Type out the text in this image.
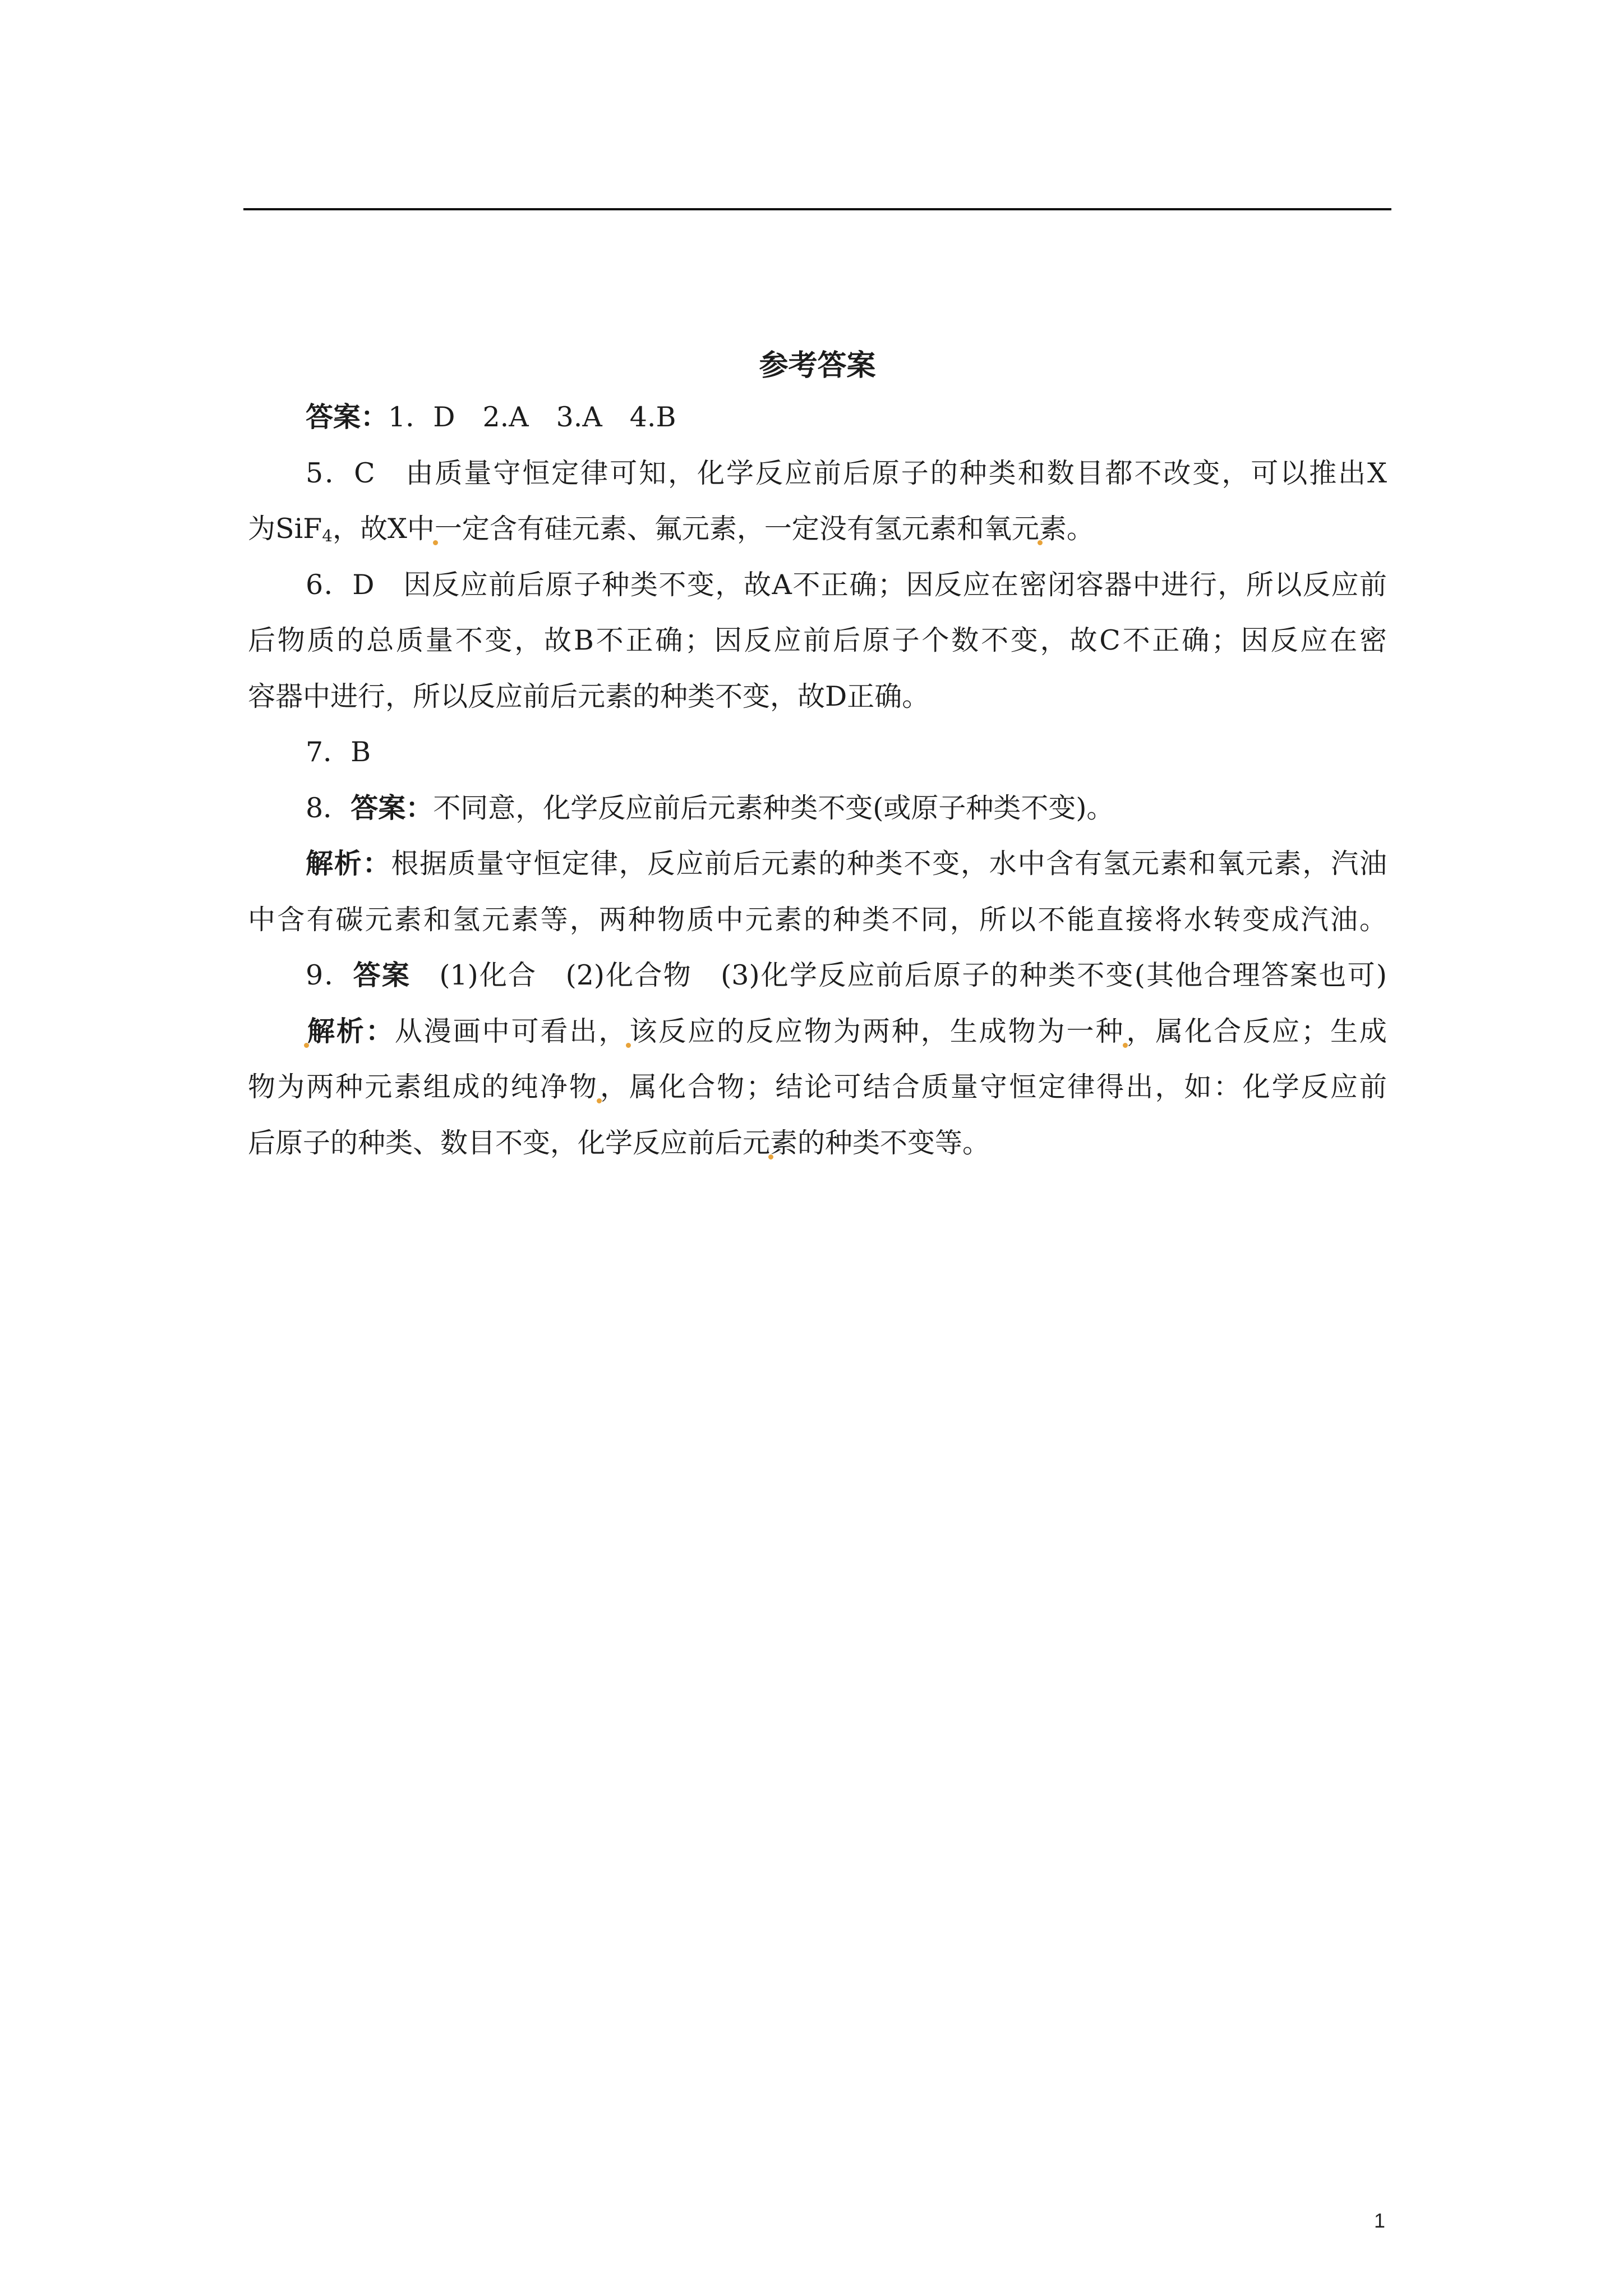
参考答案
答案：1．D　2.A　3.A　4.B
5．C　由质量守恒定律可知，化学反应前后原子的种类和数目都不改变，可以推出X
为SiF$_4$，故X中一定含有硅元素、氟元素，一定没有氢元素和氧元素。
6．D　因反应前后原子种类不变，故A不正确；因反应在密闭容器中进行，所以反应前
后物质的总质量不变，故B不正确；因反应前后原子个数不变，故C不正确；因反应在密
容器中进行，所以反应前后元素的种类不变，故D正确。
7．B
8．答案：不同意，化学反应前后元素种类不变(或原子种类不变)。
解析：根据质量守恒定律，反应前后元素的种类不变，水中含有氢元素和氧元素，汽油
中含有碳元素和氢元素等，两种物质中元素的种类不同，所以不能直接将水转变成汽油。
9．答案　(1)化合　(2)化合物　(3)化学反应前后原子的种类不变(其他合理答案也可)
解析：从漫画中可看出，该反应的反应物为两种，生成物为一种，属化合反应；生成
物为两种元素组成的纯净物，属化合物；结论可结合质量守恒定律得出，如：化学反应前
后原子的种类、数目不变，化学反应前后元素的种类不变等。
1
